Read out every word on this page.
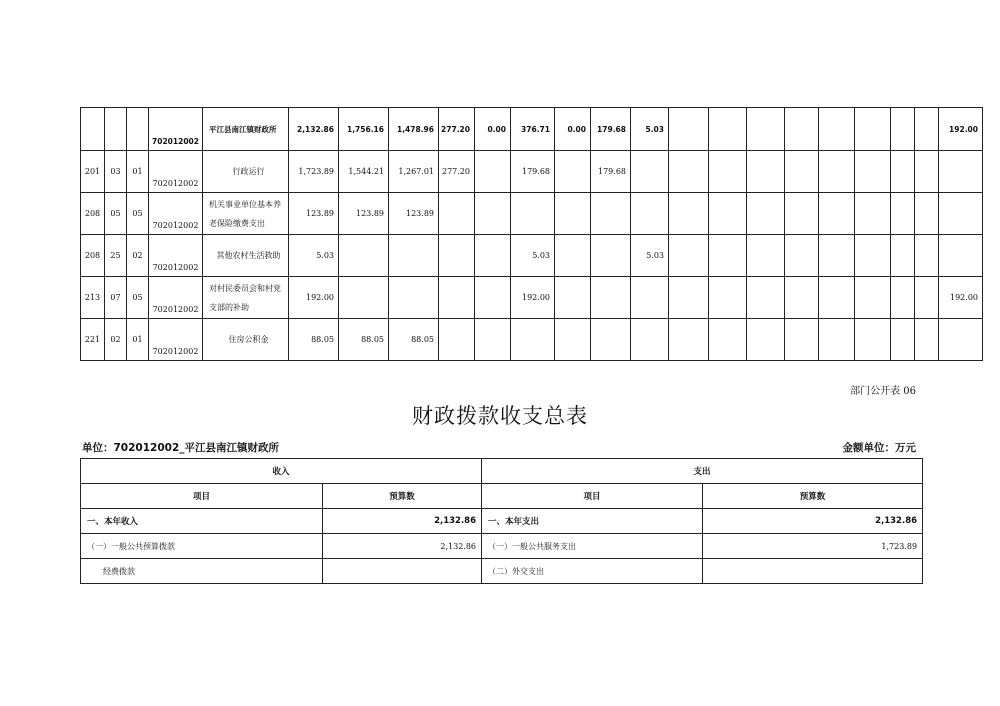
			702012002	平江县南江镇财政所	2,132.86	1,756.16	1,478.96	277.20	0.00	376.71	0.00	179.68	5.03									192.00
201	03	01	702012002	行政运行	1,723.89	1,544.21	1,267.01	277.20		179.68		179.68										
208	05	05	702012002	机关事业单位基本养老保险缴费支出	123.89	123.89	123.89															
208	25	02	702012002	其他农村生活救助	5.03					5.03			5.03									
213	07	05	702012002	对村民委员会和村党支部的补助	192.00					192.00												192.00
221	02	01	702012002	住房公积金	88.05	88.05	88.05															
部门公开表 06
财政拨款收支总表
单位：702012002_平江县南江镇财政所	金额单位：万元
收入		支出	
项目	预算数	项目	预算数
一、本年收入	2,132.86	一、本年支出	2,132.86
（一）一般公共预算拨款	2,132.86	（一）一般公共服务支出	1,723.89
经费拨款		（二）外交支出	
